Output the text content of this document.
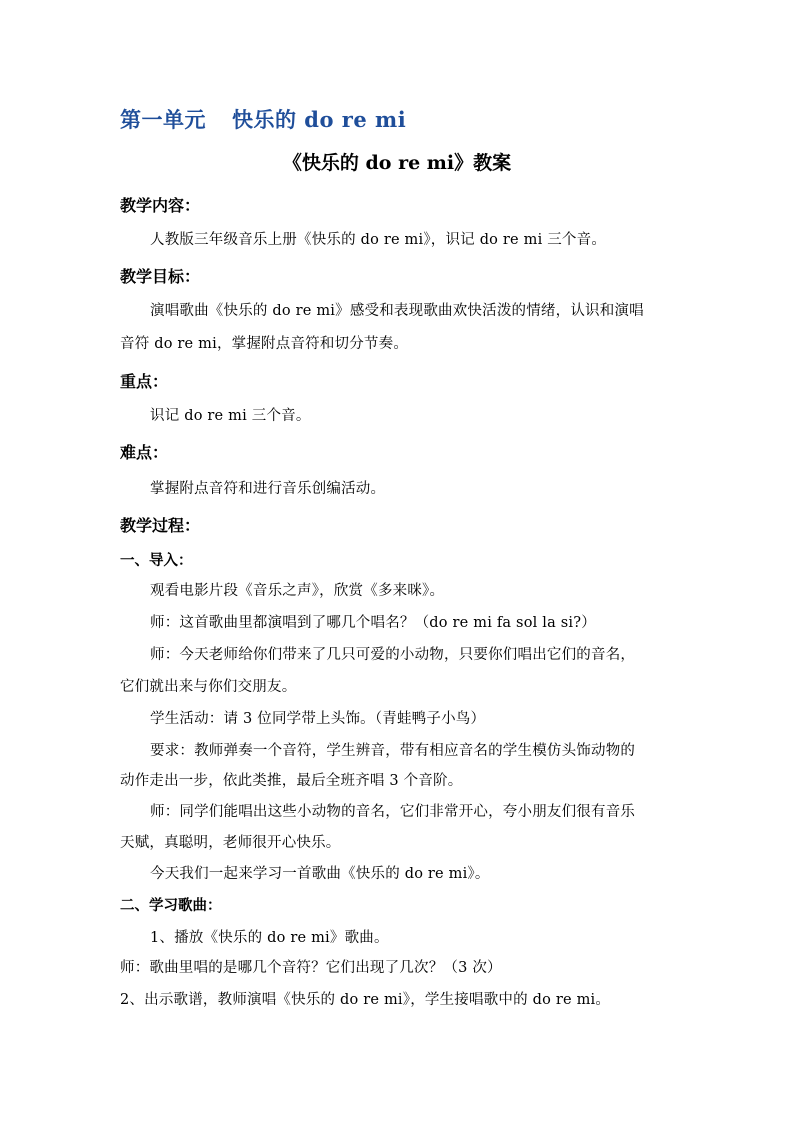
第一单元 快乐的 do re mi
《快乐的 do re mi》教案
教学内容：
人教版三年级音乐上册《快乐的 do re mi》，识记 do re mi 三个音。
教学目标：
演唱歌曲《快乐的 do re mi》感受和表现歌曲欢快活泼的情绪，认识和演唱
音符 do re mi，掌握附点音符和切分节奏。
重点：
识记 do re mi 三个音。
难点：
掌握附点音符和进行音乐创编活动。
教学过程：
一、导入：
观看电影片段《音乐之声》，欣赏《多来咪》。
师：这首歌曲里都演唱到了哪几个唱名？（do re mi fa sol la si?）
师：今天老师给你们带来了几只可爱的小动物，只要你们唱出它们的音名，
它们就出来与你们交朋友。
学生活动：请 3 位同学带上头饰。（青蛙鸭子小鸟）
要求：教师弹奏一个音符，学生辨音，带有相应音名的学生模仿头饰动物的
动作走出一步，依此类推，最后全班齐唱 3 个音阶。
师：同学们能唱出这些小动物的音名，它们非常开心，夸小朋友们很有音乐
天赋，真聪明，老师很开心快乐。
今天我们一起来学习一首歌曲《快乐的 do re mi》。
二、学习歌曲：
1、播放《快乐的 do re mi》歌曲。
师：歌曲里唱的是哪几个音符？它们出现了几次？（3 次）
2、出示歌谱，教师演唱《快乐的 do re mi》，学生接唱歌中的 do re mi。
